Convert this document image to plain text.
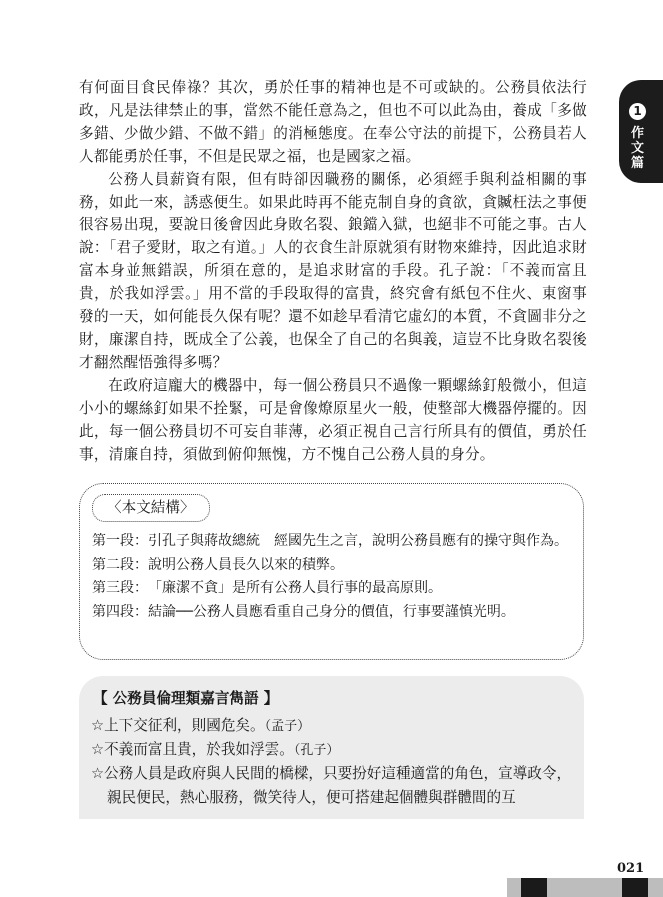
1
作文篇

有何面目食民俸祿？其次，勇於任事的精神也是不可或缺的。公務員依法行政，凡是法律禁止的事，當然不能任意為之，但也不可以此為由，養成「多做多錯、少做少錯、不做不錯」的消極態度。在奉公守法的前提下，公務員若人人都能勇於任事，不但是民眾之福，也是國家之福。

公務人員薪資有限，但有時卻因職務的關係，必須經手與利益相關的事務，如此一來，誘惑便生。如果此時再不能克制自身的貪欲，貪贓枉法之事便很容易出現，要說日後會因此身敗名裂、鋃鐺入獄，也絕非不可能之事。古人說：「君子愛財，取之有道。」人的衣食生計原就須有財物來維持，因此追求財富本身並無錯誤，所須在意的，是追求財富的手段。孔子說：「不義而富且貴，於我如浮雲。」用不當的手段取得的富貴，終究會有紙包不住火、東窗事發的一天，如何能長久保有呢？還不如趁早看清它虛幻的本質，不貪圖非分之財，廉潔自持，既成全了公義，也保全了自己的名與義，這豈不比身敗名裂後才翻然醒悟強得多嗎？

在政府這龐大的機器中，每一個公務員只不過像一顆螺絲釘般微小，但這小小的螺絲釘如果不拴緊，可是會像燎原星火一般，使整部大機器停擺的。因此，每一個公務員切不可妄自菲薄，必須正視自己言行所具有的價值，勇於任事，清廉自持，須做到俯仰無愧，方不愧自己公務人員的身分。

〈本文結構〉
第一段： 引孔子與蔣故總統　經國先生之言，說明公務員應有的操守與作為。
第二段： 說明公務人員長久以來的積弊。
第三段： 「廉潔不貪」是所有公務人員行事的最高原則。
第四段： 結論──公務人員應看重自己身分的價值，行事要謹慎光明。
【 公務員倫理類嘉言雋語 】
☆上下交征利，則國危矣。（孟子）
☆不義而富且貴，於我如浮雲。（孔子）
☆公務人員是政府與人民間的橋樑，只要扮好這種適當的角色，宣導政令，親民便民，熱心服務，微笑待人，便可搭建起個體與群體間的互
021
